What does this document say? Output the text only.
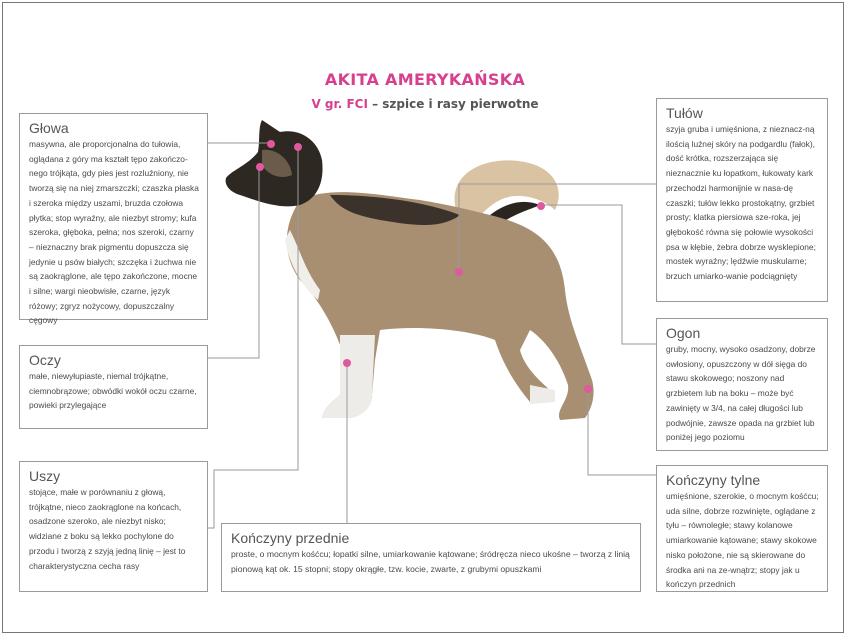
AKITA AMERYKAŃSKA
V gr. FCI – szpice i rasy pierwotne
Głowa

masywna, ale proporcjonalna do tułowia, oglądana z góry ma kształt tępo zakończo-nego trójkąta, gdy pies jest rozluźniony, nie tworzą się na niej zmarszczki; czaszka płaska i szeroka między uszami, bruzda czołowa płytka; stop wyraźny, ale niezbyt stromy; kufa szeroka, głęboka, pełna; nos szeroki, czarny – nieznaczny brak pigmentu dopuszcza się jedynie u psów białych; szczęka i żuchwa nie są zaokrąglone, ale tępo zakończone, mocne i silne; wargi nieobwisłe, czarne, język różowy; zgryz nożycowy, dopuszczalny cęgowy

Oczy

małe, niewyłupiaste, niemal trójkątne, ciemnobrązowe; obwódki wokół oczu czarne, powieki przylegające

Uszy

stojące, małe w porównaniu z głową, trójkątne, nieco zaokrąglone na końcach, osadzone szeroko, ale niezbyt nisko; widziane z boku są lekko pochylone do przodu i tworzą z szyją jedną linię – jest to charakterystyczna cecha rasy

Kończyny przednie

proste, o mocnym kośćcu; łopatki silne, umiarkowanie kątowane; śródręcza nieco ukośne – tworzą z linią pionową kąt ok. 15 stopni; stopy okrągłe, tzw. kocie, zwarte, z grubymi opuszkami

Tułów

szyja gruba i umięśniona, z nieznacz-ną ilością luźnej skóry na podgardlu (fałok), dość krótka, rozszerzająca się nieznacznie ku łopatkom, łukowaty kark przechodzi harmonijnie w nasa-dę czaszki; tułów lekko prostokątny, grzbiet prosty; klatka piersiowa sze-roka, jej głębokość równa się połowie wysokości psa w kłębie, żebra dobrze wysklepione; mostek wyraźny; lędźwie muskularne; brzuch umiarko-wanie podciągnięty

Ogon

gruby, mocny, wysoko osadzony, dobrze owłosiony, opuszczony w dół sięga do stawu skokowego; noszony nad grzbietem lub na boku – może być zawinięty w 3/4, na całej długości lub podwójnie, zawsze opada na grzbiet lub poniżej jego poziomu

Kończyny tylne

umięśnione, szerokie, o mocnym kośćcu; uda silne, dobrze rozwinięte, oglądane z tyłu – równoległe; stawy kolanowe umiarkowanie kątowane; stawy skokowe nisko położone, nie są skierowane do środka ani na ze-wnątrz; stopy jak u kończyn przednich
